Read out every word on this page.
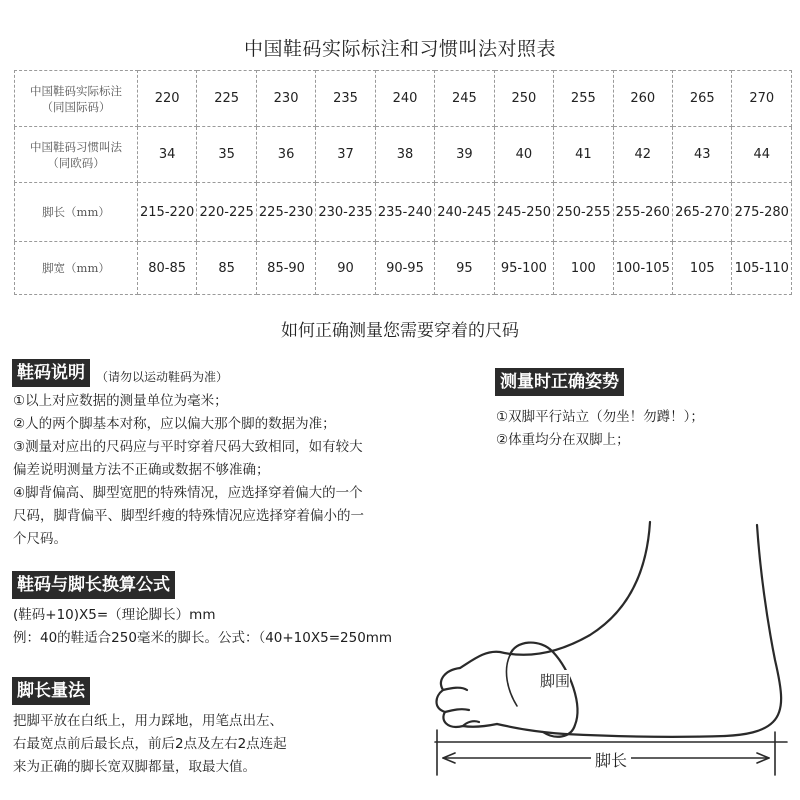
中国鞋码实际标注和习惯叫法对照表
中国鞋码实际标注
（同国际码）	220	225	230	235	240	245	250	255	260	265	270

中国鞋码习惯叫法
（同欧码）	34	35	36	37	38	39	40	41	42	43	44

脚长（mm）	215-220	220-225	225-230	230-235	235-240	240-245	245-250	250-255	255-260	265-270	275-280

脚宽（mm）	80-85	85	85-90	90	90-95	95	95-100	100	100-105	105	105-110
如何正确测量您需要穿着的尺码
鞋码说明 （请勿以运动鞋码为准）
①以上对应数据的测量单位为毫米；
②人的两个脚基本对称，应以偏大那个脚的数据为准；
③测量对应出的尺码应与平时穿着尺码大致相同，如有较大
偏差说明测量方法不正确或数据不够准确；
④脚背偏高、脚型宽肥的特殊情况，应选择穿着偏大的一个
尺码，脚背偏平、脚型纤瘦的特殊情况应选择穿着偏小的一
个尺码。
测量时正确姿势
①双脚平行站立（勿坐！勿蹲！）；
②体重均分在双脚上；
鞋码与脚长换算公式
(鞋码+10)X5=（理论脚长）mm
例：40的鞋适合250毫米的脚长。公式：（40+10X5=250mm
脚长量法
把脚平放在白纸上，用力踩地，用笔点出左、
右最宽点前后最长点，前后2点及左右2点连起
来为正确的脚长宽双脚都量，取最大值。
脚围
脚长
